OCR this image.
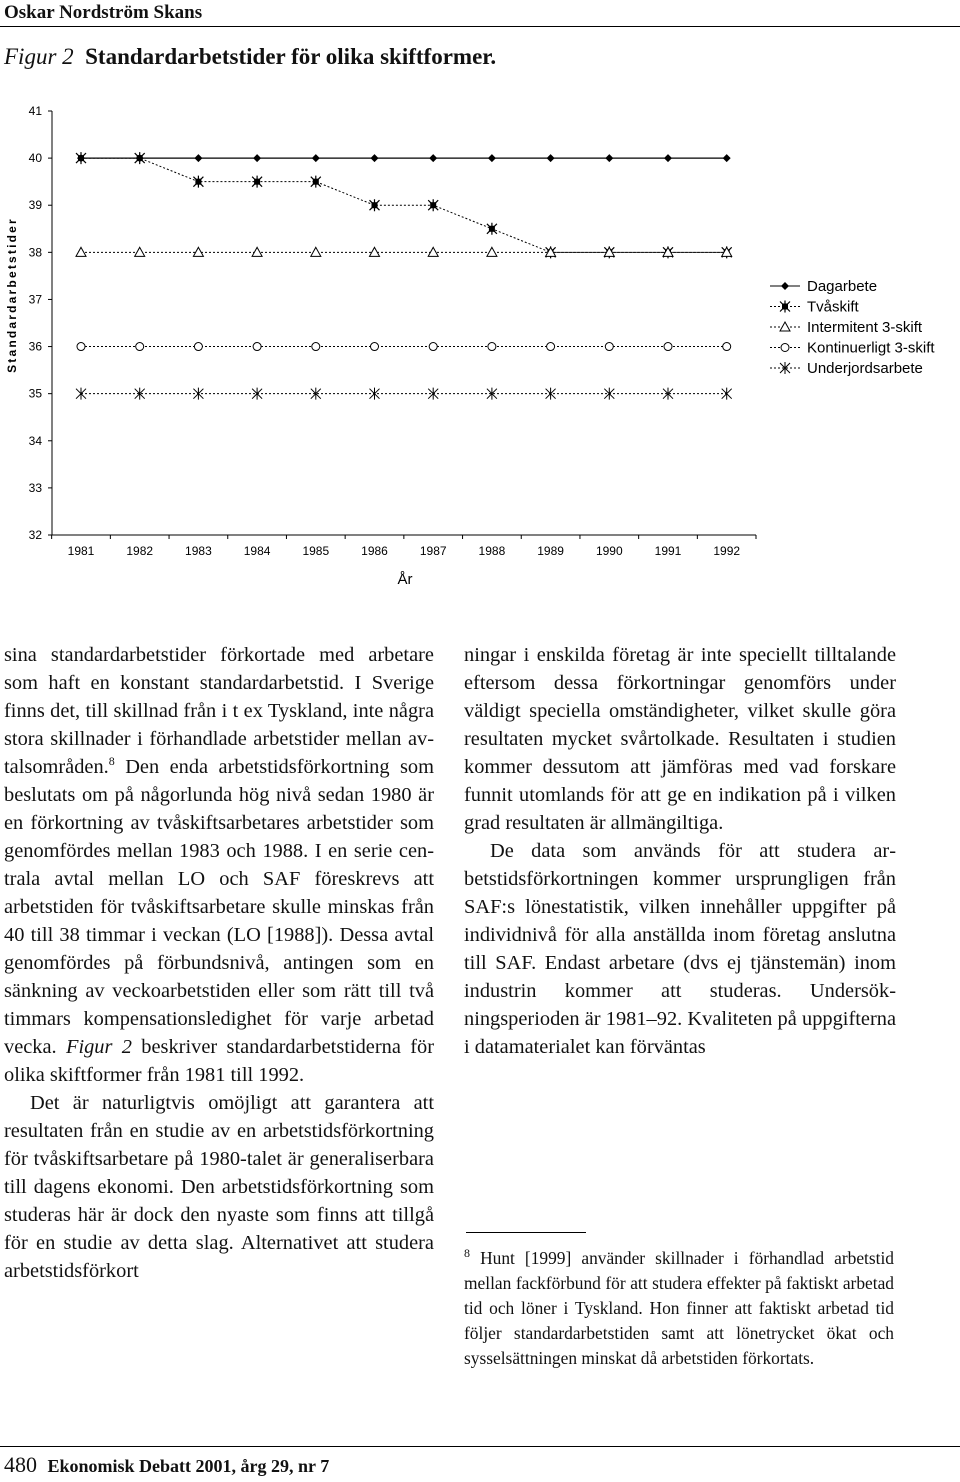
Oskar Nordström Skans
Figur 2 Standardarbetstider för olika skiftformer.
32
33
34
35
36
37
38
39
40
41
1981	1982	1983	1984	1985	1986	1987	1988	1989	1990	1991	1992
Standardarbetstider
År
Dagarbete
Tvåskift
Intermitent 3-skift
Kontinuerligt 3-skift
Underjordsarbete

sina standardarbetstider förkortade med arbetare som haft en konstant standardarbetstid. I Sverige finns det, till skillnad från i t ex Tyskland, inte några stora skillnader i förhandlade arbetstider mellan avtalsområden.$^8$ Den enda arbetstidsförkortning som beslutats om på någorlunda hög nivå sedan 1980 är en förkortning av tvåskiftsarbetares arbetstider som genomfördes mellan 1983 och 1988. I en serie centrala avtal mellan LO och SAF föreskrevs att arbetstiden för tvåskiftsarbetare skulle minskas från 40 till 38 timmar i veckan (LO [1988]). Dessa avtal genomfördes på förbundsnivå, antingen som en sänkning av veckoarbetstiden eller som rätt till två timmars kompensationsledighet för varje arbetad vecka. Figur 2 beskriver standardarbetstiderna för olika skiftformer från 1981 till 1992.

Det är naturligtvis omöjligt att garantera att resultaten från en studie av en arbetstidsförkortning för tvåskiftsarbetare på 1980-talet är generaliserbara till dagens ekonomi. Den arbetstidsförkortning som studeras här är dock den nyaste som finns att tillgå för en studie av detta slag. Alternativet att studera arbetstidsförkort

ningar i enskilda företag är inte speciellt tilltalande eftersom dessa förkortningar genomförs under väldigt speciella omständigheter, vilket skulle göra resultaten mycket svårtolkade. Resultaten i studien kommer dessutom att jämföras med vad forskare funnit utomlands för att ge en indikation på i vilken grad resultaten är allmängiltiga.

De data som används för att studera arbetstidsförkortningen kommer ursprungligen från SAF:s lönestatistik, vilken innehåller uppgifter på individnivå för alla anställda inom företag anslutna till SAF. Endast arbetare (dvs ej tjänstemän) inom industrin kommer att studeras. Undersökningsperioden är 1981–92. Kvaliteten på uppgifterna i datamaterialet kan förväntas

$^8$ Hunt [1999] använder skillnader i förhandlad arbetstid mellan fackförbund för att studera effekter på faktiskt arbetad tid och löner i Tyskland. Hon finner att faktiskt arbetad tid följer standardarbetstiden samt att lönetrycket ökat och sysselsättningen minskat då arbetstiden förkortats.
480 Ekonomisk Debatt 2001, årg 29, nr 7
